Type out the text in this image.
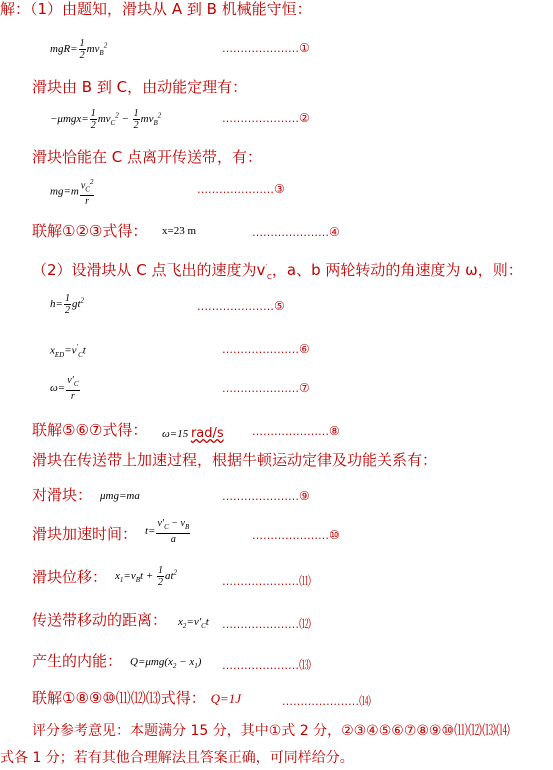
解：（1）由题知，滑块从 A 到 B 机械能守恒：
$mgR= \frac{1}{2} mv_B^2$	…………………①
滑块由 B 到 C，由动能定理有：
$-\mu mgx= \frac{1}{2} mv_C^2 - \frac{1}{2} mv_B^2$	…………………②
滑块恰能在 C 点离开传送带，有：
$mg=m \frac{v_C^2}{r}$	…………………③
联解①②③式得： x=23 m	…………………④
（2）设滑块从 C 点飞出的速度为$v'_C$，a、b 两轮转动的角速度为 ω，则：
$h= \frac{1}{2} gt^2$	…………………⑤
$x_{ED}=v'_Ct$	…………………⑥
$\omega= \frac{v'_C}{r}$	…………………⑦
联解⑤⑥⑦式得： ω=15 rad/s	…………………⑧
滑块在传送带上加速过程，根据牛顿运动定律及功能关系有：
对滑块： μmg=ma	…………………⑨
滑块加速时间： $t= \frac{v'_C - v_B}{a}$	…………………⑩
滑块位移： $x_1=v_Bt + \frac{1}{2} at^2$
…………………⑾
传送带移动的距离： $x_2=v'_Ct$ …………………⑿
产生的内能： $Q=\mu mg(x_2 - x_1)$ …………………⒀
联解①⑧⑨⑩⑾⑿⒀式得： Q=1J	…………………⒁
评分参考意见：本题满分 15 分，其中①式 2 分，②③④⑤⑥⑦⑧⑨⑩⑾⑿⒀⒁
式各 1 分；若有其他合理解法且答案正确，可同样给分。
